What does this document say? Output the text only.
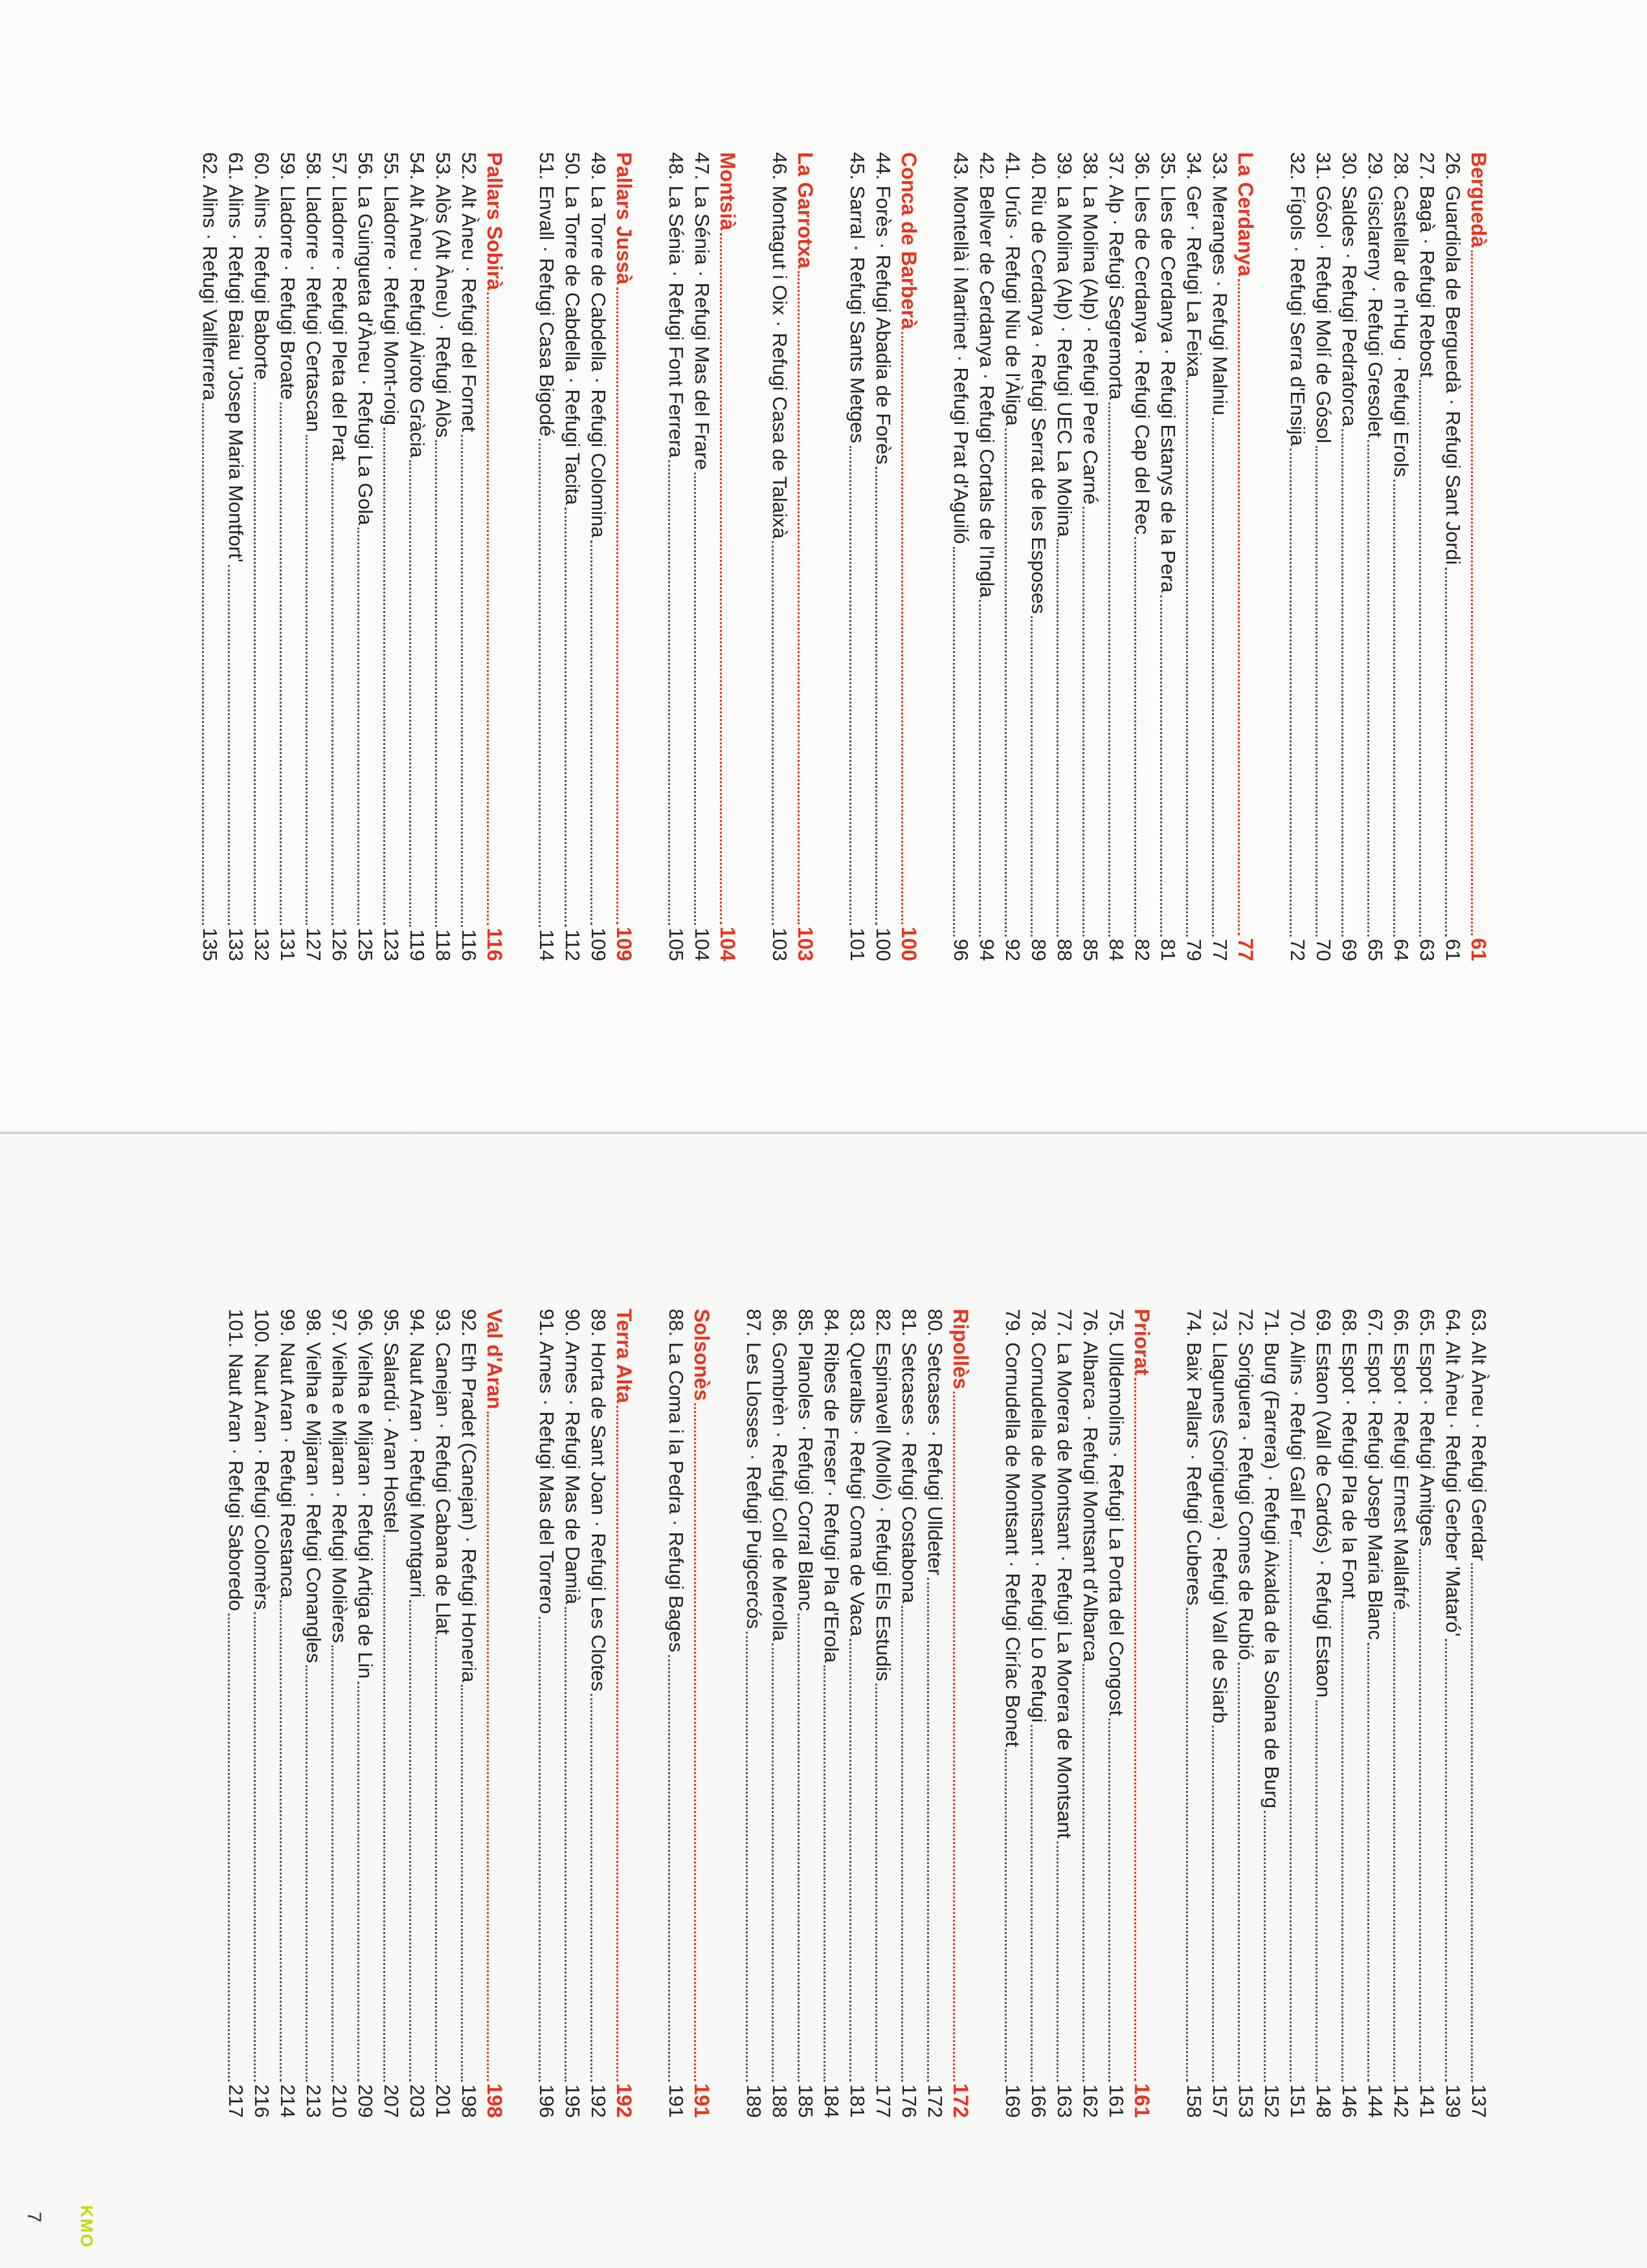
Berguedà
61
26. Guardiola de Berguedà · Refugi Sant Jordi
61
27. Bagà · Refugi Rebost
63
28. Castellar de n'Hug · Refugi Erols
64
29. Gisclareny · Refugi Gresolet
65
30. Saldes · Refugi Pedraforca
69
31. Gósol · Refugi Molí de Gósol
70
32. Fígols · Refugi Serra d'Ensija
72
La Cerdanya
77
33. Meranges · Refugi Malniu
77
34. Ger · Refugi La Feixa
79
35. Lles de Cerdanya · Refugi Estanys de la Pera
81
36. Lles de Cerdanya · Refugi Cap del Rec
82
37. Alp · Refugi Segremorta
84
38. La Molina (Alp) · Refugi Pere Carné
85
39. La Molina (Alp) · Refugi UEC La Molina
88
40. Riu de Cerdanya · Refugi Serrat de les Esposes
89
41. Urús · Refugi Niu de l'Àliga
92
42. Bellver de Cerdanya · Refugi Cortals de l'Ingla
94
43. Montellà i Martinet · Refugi Prat d'Aguiló
96
Conca de Barberà
100
44. Forès · Refugi Abadia de Forès
100
45. Sarral · Refugi Sants Metges
101
La Garrotxa
103
46. Montagut i Oix · Refugi Casa de Talaixà
103
Montsià
104
47. La Sénia · Refugi Mas del Frare
104
48. La Sénia · Refugi Font Ferrera
105
Pallars Jussà
109
49. La Torre de Cabdella · Refugi Colomina
109
50. La Torre de Cabdella · Refugi Tacita
112
51. Envall · Refugi Casa Bigodé
114
Pallars Sobirà
116
52. Alt Àneu · Refugi del Fornet
116
53. Alòs (Alt Àneu) · Refugi Alòs
118
54. Alt Àneu · Refugi Airoto Gràcia
119
55. Lladorre · Refugi Mont-roig
123
56. La Guingueta d'Àneu · Refugi La Gola
125
57. Lladorre · Refugi Pleta del Prat
126
58. Lladorre · Refugi Certascan
127
59. Lladorre · Refugi Broate
131
60. Alins · Refugi Baborte
132
61. Alins · Refugi Baiau 'Josep Maria Montfort'
133
62. Alins · Refugi Vallferrera
135
63. Alt Àneu · Refugi Gerdar
137
64. Alt Àneu · Refugi Gerber 'Mataró'
139
65. Espot · Refugi Amitges
141
66. Espot · Refugi Ernest Mallafré
142
67. Espot · Refugi Josep Maria Blanc
144
68. Espot · Refugi Pla de la Font
146
69. Estaon (Vall de Cardós) · Refugi Estaon
148
70. Alins · Refugi Gall Fer
151
71. Burg (Farrera) · Refugi Aixalda de la Solana de Burg
152
72. Soriguera · Refugi Comes de Rubió
153
73. Llagunes (Soriguera) · Refugi Vall de Siarb
157
74. Baix Pallars · Refugi Cuberes
158
Priorat
161
75. Ulldemolins · Refugi La Porta del Congost
161
76. Albarca · Refugi Montsant d'Albarca
162
77. La Morera de Montsant · Refugi La Morera de Montsant
163
78. Cornudella de Montsant · Refugi Lo Refugi
166
79. Cornudella de Montsant · Refugi Ciríac Bonet
169
Ripollès
172
80. Setcases · Refugi Ulldeter
172
81. Setcases · Refugi Costabona
176
82. Espinavell (Molló) · Refugi Els Estudis
177
83. Queralbs · Refugi Coma de Vaca
181
84. Ribes de Freser · Refugi Pla d'Erola
184
85. Planoles · Refugi Corral Blanc
185
86. Gombrèn · Refugi Coll de Merolla
188
87. Les Llosses · Refugi Puigcercós
189
Solsonès
191
88. La Coma i la Pedra · Refugi Bages
191
Terra Alta
192
89. Horta de Sant Joan · Refugi Les Clotes
192
90. Arnes · Refugi Mas de Damià
195
91. Arnes · Refugi Mas del Torrero
196
Val d'Aran
198
92. Eth Pradet (Canejan) · Refugi Honeria
198
93. Canejan · Refugi Cabana de Llat
201
94. Naut Aran · Refugi Montgarri
203
95. Salardú · Aran Hostel
207
96. Vielha e Mijaran · Refugi Artiga de Lin
209
97. Vielha e Mijaran · Refugi Molières
210
98. Vielha e Mijaran · Refugi Conangles
213
99. Naut Aran · Refugi Restanca
214
100. Naut Aran · Refugi Colomèrs
216
101. Naut Aran · Refugi Saboredo
217
7 KMO
